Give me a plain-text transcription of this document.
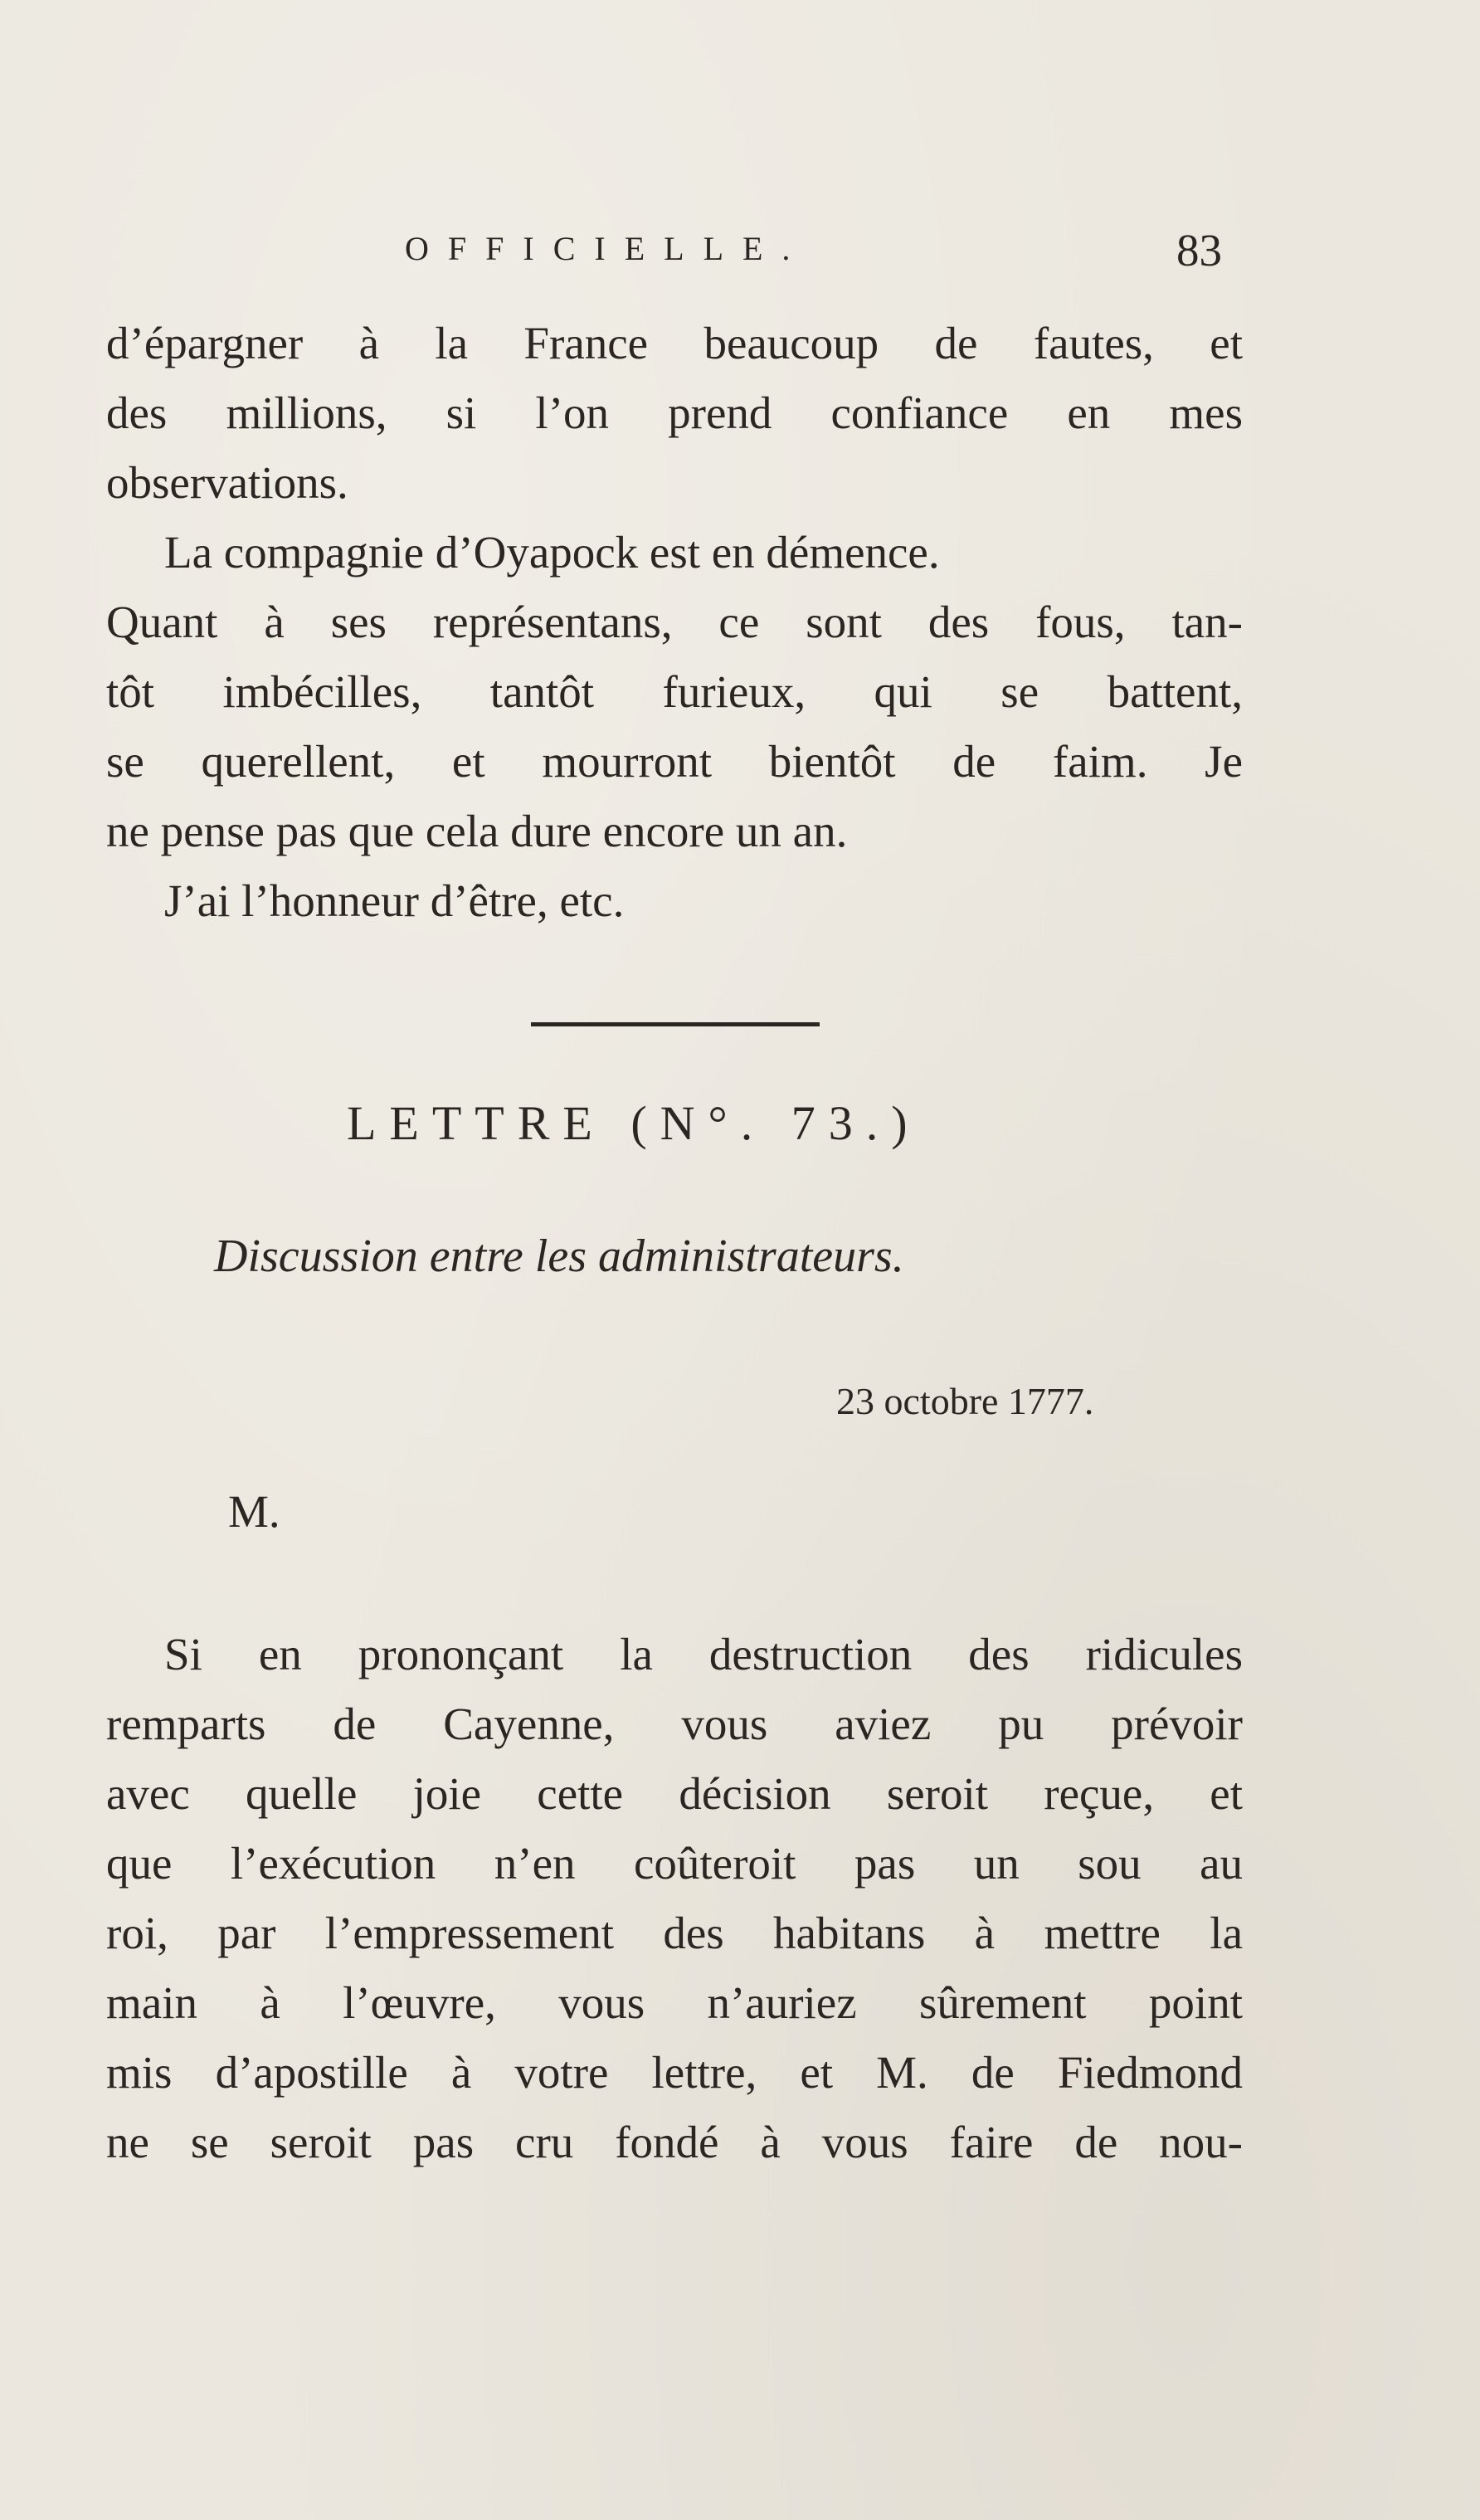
OFFICIELLE.	83
d’épargner à la France beaucoup de fautes, et
des millions, si l’on prend confiance en mes
observations.
La compagnie d’Oyapock est en démence.
Quant à ses représentans, ce sont des fous, tan-
tôt imbécilles, tantôt furieux, qui se battent,
se querellent, et mourront bientôt de faim. Je
ne pense pas que cela dure encore un an.
J’ai l’honneur d’être, etc.
LETTRE (N°. 73.)
Discussion entre les administrateurs.
23 octobre 1777.
M.
Si en prononçant la destruction des ridicules
remparts de Cayenne, vous aviez pu prévoir
avec quelle joie cette décision seroit reçue, et
que l’exécution n’en coûteroit pas un sou au
roi, par l’empressement des habitans à mettre la
main à l’œuvre, vous n’auriez sûrement point
mis d’apostille à votre lettre, et M. de Fiedmond
ne se seroit pas cru fondé à vous faire de nou-
